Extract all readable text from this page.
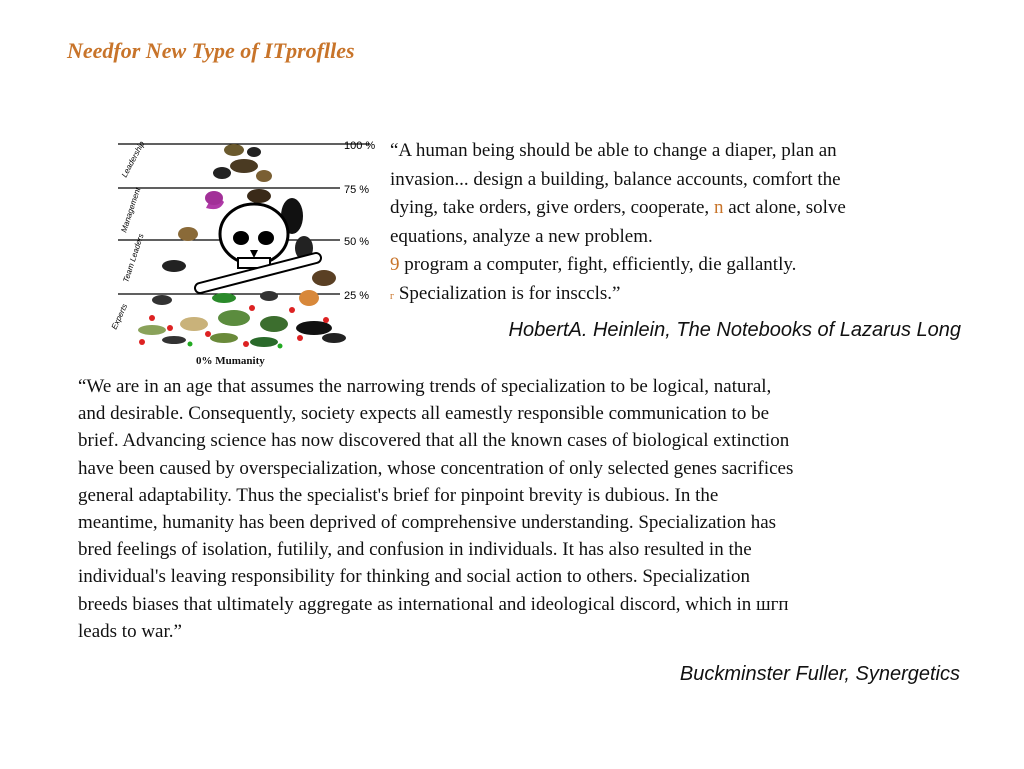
Needfor New Type of ITproflles
100 %
75 %
50 %
25 %
Leadership
Management
Team Leaders
Experts
0% Mumanity
“A human being should be able to change a diaper, plan an
invasion... design a building, balance accounts, comfort the
dying, take orders, give orders, cooperate, n act alone, solve
equations, analyze a new problem.
9 program a computer, fight, efficiently, die gallantly.
г Specialization is for insccls.”
HobertA. Heinlein, The Notebooks of Lazarus Long
“We are in an age that assumes the narrowing trends of specialization to be logical, natural,
and desirable. Consequently, society expects all eamestly responsible communication to be
brief. Advancing science has now discovered that all the known cases of biological extinction
have been caused by overspecialization, whose concentration of only selected genes sacrifices
general adaptability. Thus the specialist's brief for pinpoint brevity is dubious. In the
meantime, humanity has been deprived of comprehensive understanding. Specialization has
bred feelings of isolation, futilily, and confusion in individuals. It has also resulted in the
individual's leaving responsibility for thinking and social action to others. Specialization
breeds biases that ultimately aggregate as international and ideological discord, which in шгп
leads to war.”
Buckminster Fuller, Synergetics
